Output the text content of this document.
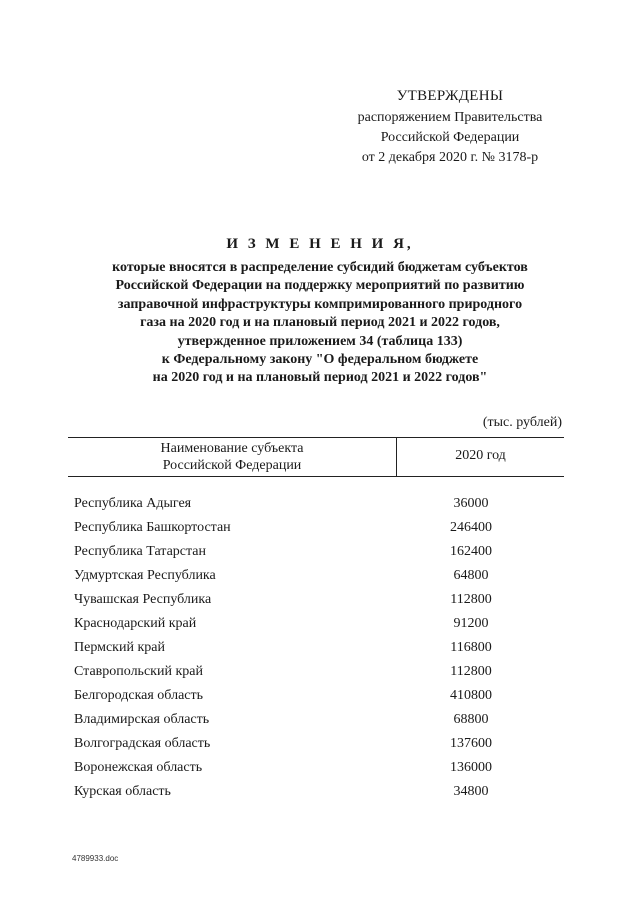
УТВЕРЖДЕНЫ
распоряжением Правительства
Российской Федерации
от 2 декабря 2020 г. № 3178-р
И З М Е Н Е Н И Я,
которые вносятся в распределение субсидий бюджетам субъектов
Российской Федерации на поддержку мероприятий по развитию
заправочной инфраструктуры компримированного природного
газа на 2020 год и на плановый период 2021 и 2022 годов,
утвержденное приложением 34 (таблица 133)
к Федеральному закону "О федеральном бюджете
на 2020 год и на плановый период 2021 и 2022 годов"
(тыс. рублей)
Наименование субъекта
Российской Федерации
2020 год
Республика Адыгея	36000
Республика Башкортостан	246400
Республика Татарстан	162400
Удмуртская Республика	64800
Чувашская Республика	112800
Краснодарский край	91200
Пермский край	116800
Ставропольский край	112800
Белгородская область	410800
Владимирская область	68800
Волгоградская область	137600
Воронежская область	136000
Курская область	34800
4789933.doc
